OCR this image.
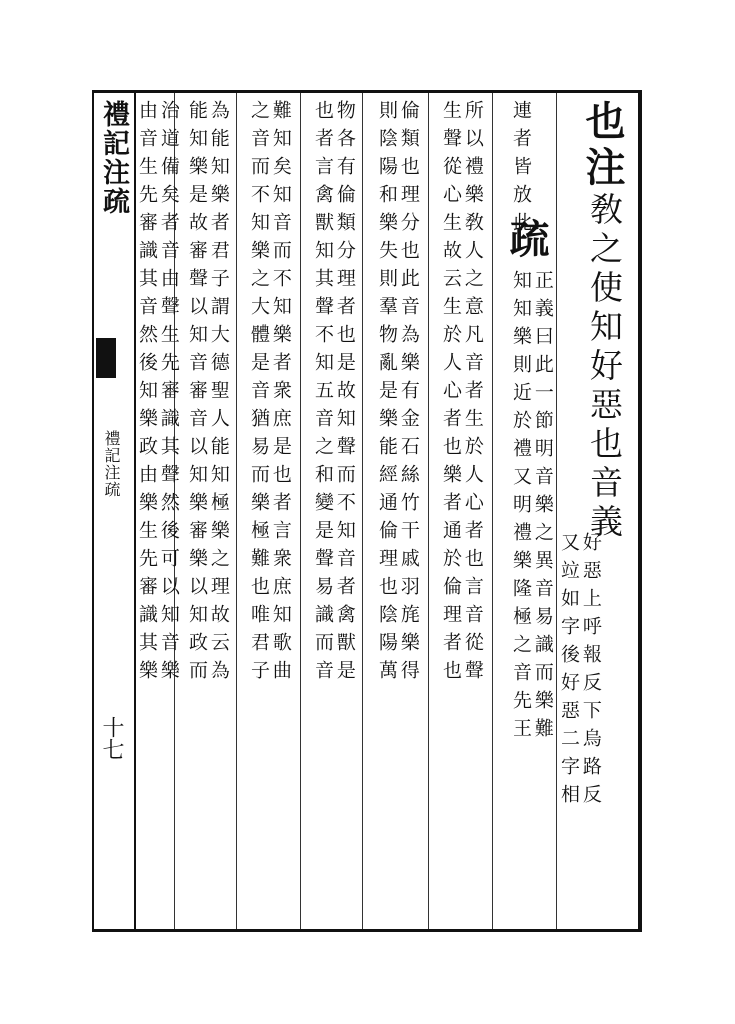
禮記注疏
禮記注疏
十七
也注
敎之使知好惡也音義
好惡上呼報反下烏路反
又竝如字後好惡二字相
連者皆放此
疏
正義曰此一節明音樂之異音易識而樂難
知知樂則近於禮又明禮樂隆極之音先王
所以禮樂敎人之意凡音者生於人心者也言音從聲
生聲從心生故云生於人心者也樂者通於倫理者也
倫類也理分也此音為樂有金石絲竹干戚羽旄樂得
則陰陽和樂失則羣物亂是樂能經通倫理也陰陽萬
物各有倫類分理者也是故知聲而不知音者禽獸是
也者言禽獸知其聲不知五音之和變是聲易識而音
難知矣知音而不知樂者衆庶是也者言衆庶知歌曲
之音而不知樂之大體是音猶易而樂極難也唯君子
為能知樂者君子謂大德聖人能知極樂之理故云為
能知樂是故審聲以知音審音以知樂審樂以知政而
治道備矣者音由聲生先審識其聲然後可以知音樂
由音生先審識其音然後知樂政由樂生先審識其樂
